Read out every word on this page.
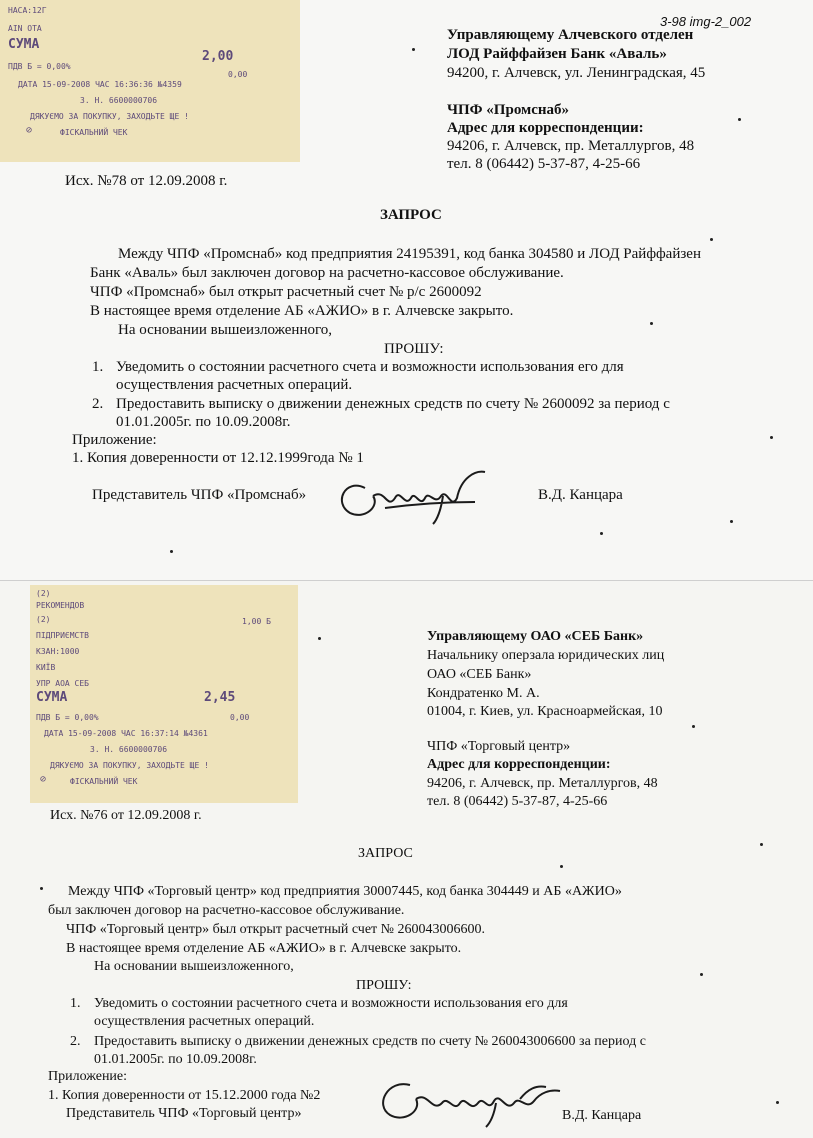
3-98 img-2_002
НАСА:12Г
AIN OTA
СУМА
2,00
ПДВ Б = 0,00%
0,00
ДАТА 15-09-2008 ЧАС 16:36:36 №4359
З. Н. 6600000706
ДЯКУЄМО ЗА ПОКУПКУ, ЗАХОДЬТЕ ЩЕ !
ФІСКАЛЬНИЙ ЧЕК
⊘
Управляющему Алчевского отделен
ЛОД Райффайзен Банк «Аваль»
94200, г. Алчевск, ул. Ленинградская, 45
ЧПФ «Промснаб»
Адрес для корреспонденции:
94206, г. Алчевск, пр. Металлургов, 48
тел. 8 (06442) 5-37-87, 4-25-66
Исх. №78 от 12.09.2008 г.
ЗАПРОС
Между ЧПФ «Промснаб» код предприятия 24195391, код банка 304580 и ЛОД Райффайзен
Банк «Аваль» был заключен договор на расчетно-кассовое обслуживание.
ЧПФ «Промснаб» был открыт расчетный счет № р/с 2600092
В настоящее время отделение АБ «АЖИО» в г. Алчевске закрыто.
На основании вышеизложенного,
ПРОШУ:
1. Уведомить о состоянии расчетного счета и возможности использования его для
осуществления расчетных операций.
2. Предоставить выписку о движении денежных средств по счету № 2600092 за период с
01.01.2005г. по 10.09.2008г.
Приложение:
1. Копия доверенности от 12.12.1999года № 1
Представитель ЧПФ «Промснаб»	В.Д. Канцара
(2)
РЕКОМЕНДОВ
(2)	1,00 Б
ПІДПРИЄМСТВ
КЗАН:1000
КИЇВ
УПР АОА СЕБ
СУМА	2,45
ПДВ Б = 0,00%	0,00
ДАТА 15-09-2008 ЧАС 16:37:14 №4361
З. Н. 6600000706
ДЯКУЄМО ЗА ПОКУПКУ, ЗАХОДЬТЕ ЩЕ !
ФІСКАЛЬНИЙ ЧЕК
⊘
Управляющему ОАО «СЕБ Банк»
Начальнику оперзала юридических лиц
ОАО «СЕБ Банк»
Кондратенко М. А.
01004, г. Киев, ул. Красноармейская, 10
ЧПФ «Торговый центр»
Адрес для корреспонденции:
94206, г. Алчевск, пр. Металлургов, 48
тел. 8 (06442) 5-37-87, 4-25-66
Исх. №76 от 12.09.2008 г.
ЗАПРОС
Между ЧПФ «Торговый центр» код предприятия 30007445, код банка 304449 и АБ «АЖИО»
был заключен договор на расчетно-кассовое обслуживание.
ЧПФ «Торговый центр» был открыт расчетный счет № 260043006600.
В настоящее время отделение АБ «АЖИО» в г. Алчевске закрыто.
На основании вышеизложенного,
ПРОШУ:
1. Уведомить о состоянии расчетного счета и возможности использования его для
осуществления расчетных операций.
2. Предоставить выписку о движении денежных средств по счету № 260043006600 за период с
01.01.2005г. по 10.09.2008г.
Приложение:
1. Копия доверенности от 15.12.2000 года №2
Представитель ЧПФ «Торговый центр»	В.Д. Канцара
